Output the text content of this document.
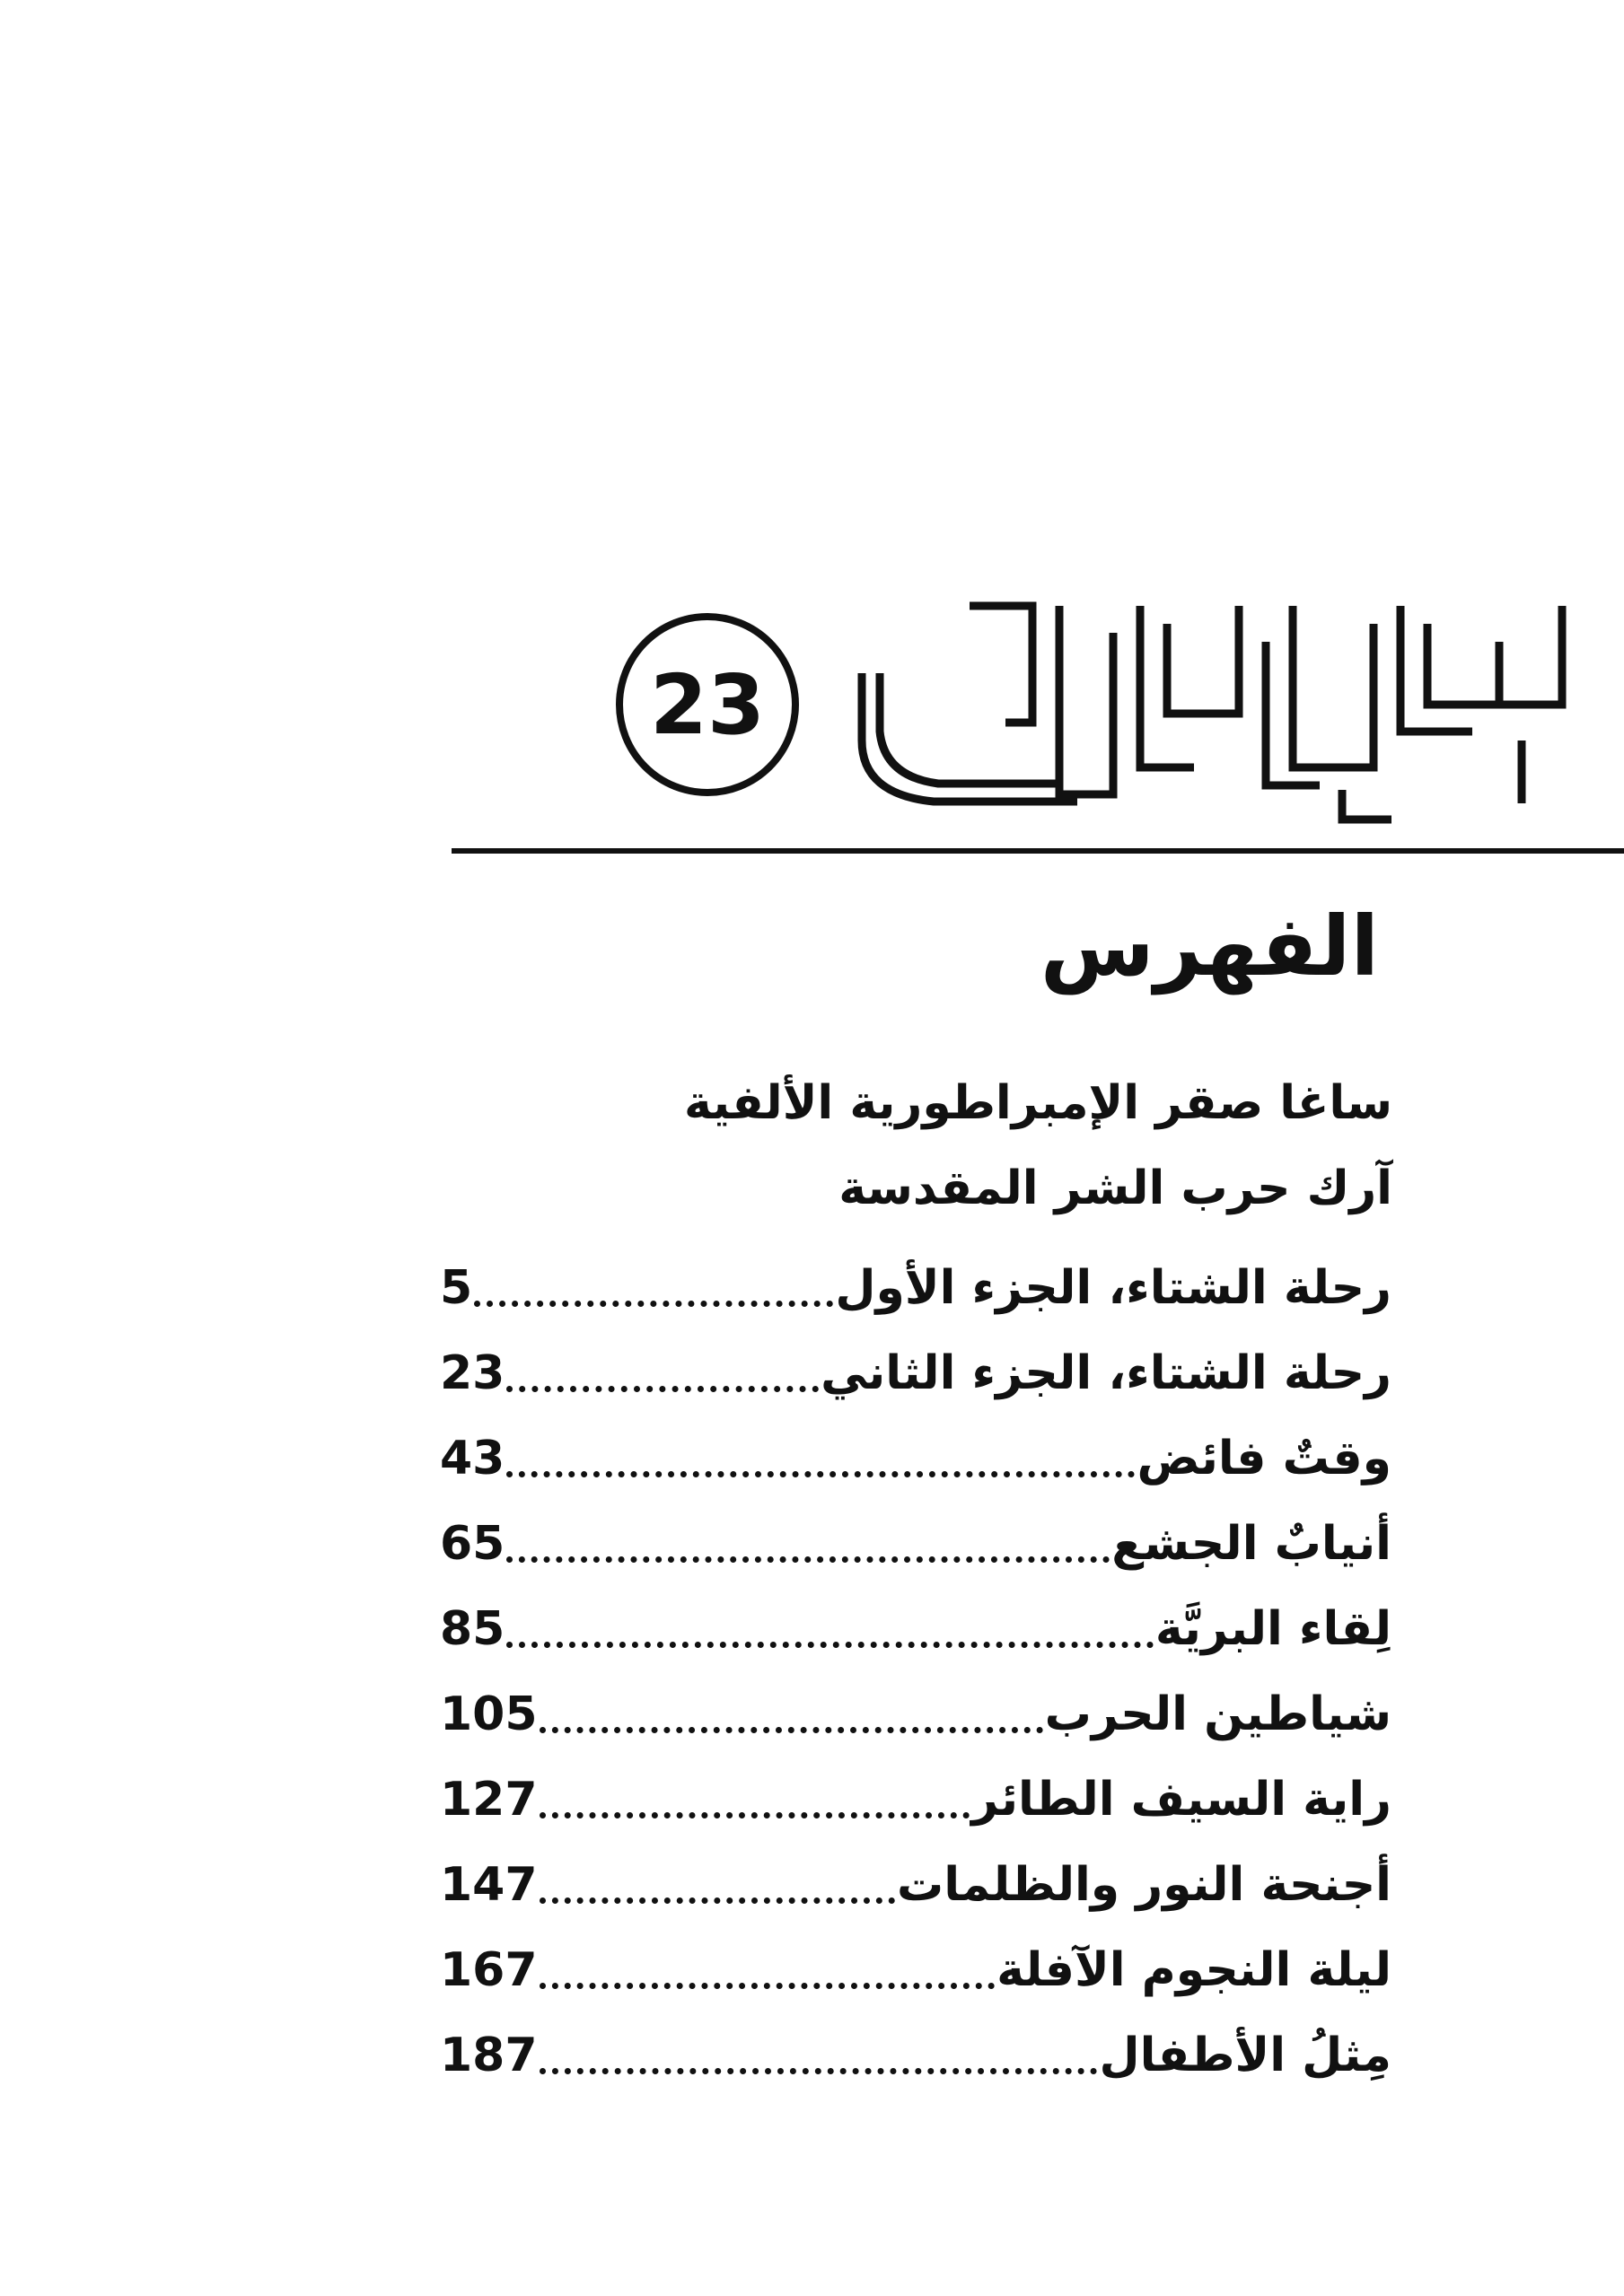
23
الفهرس
ساغا صقر الإمبراطورية الألفية
آرك حرب الشر المقدسة
رحلة الشتاء، الجزء الأول
5
رحلة الشتاء، الجزء الثاني
23
وقتٌ فائض
43
أنيابٌ الجشع
65
لِقاء البريَّة
85
شياطين الحرب
105
راية السيف الطائر
127
أجنحة النور والظلمات
147
ليلة النجوم الآفلة
167
مِثلُ الأطفال
187
